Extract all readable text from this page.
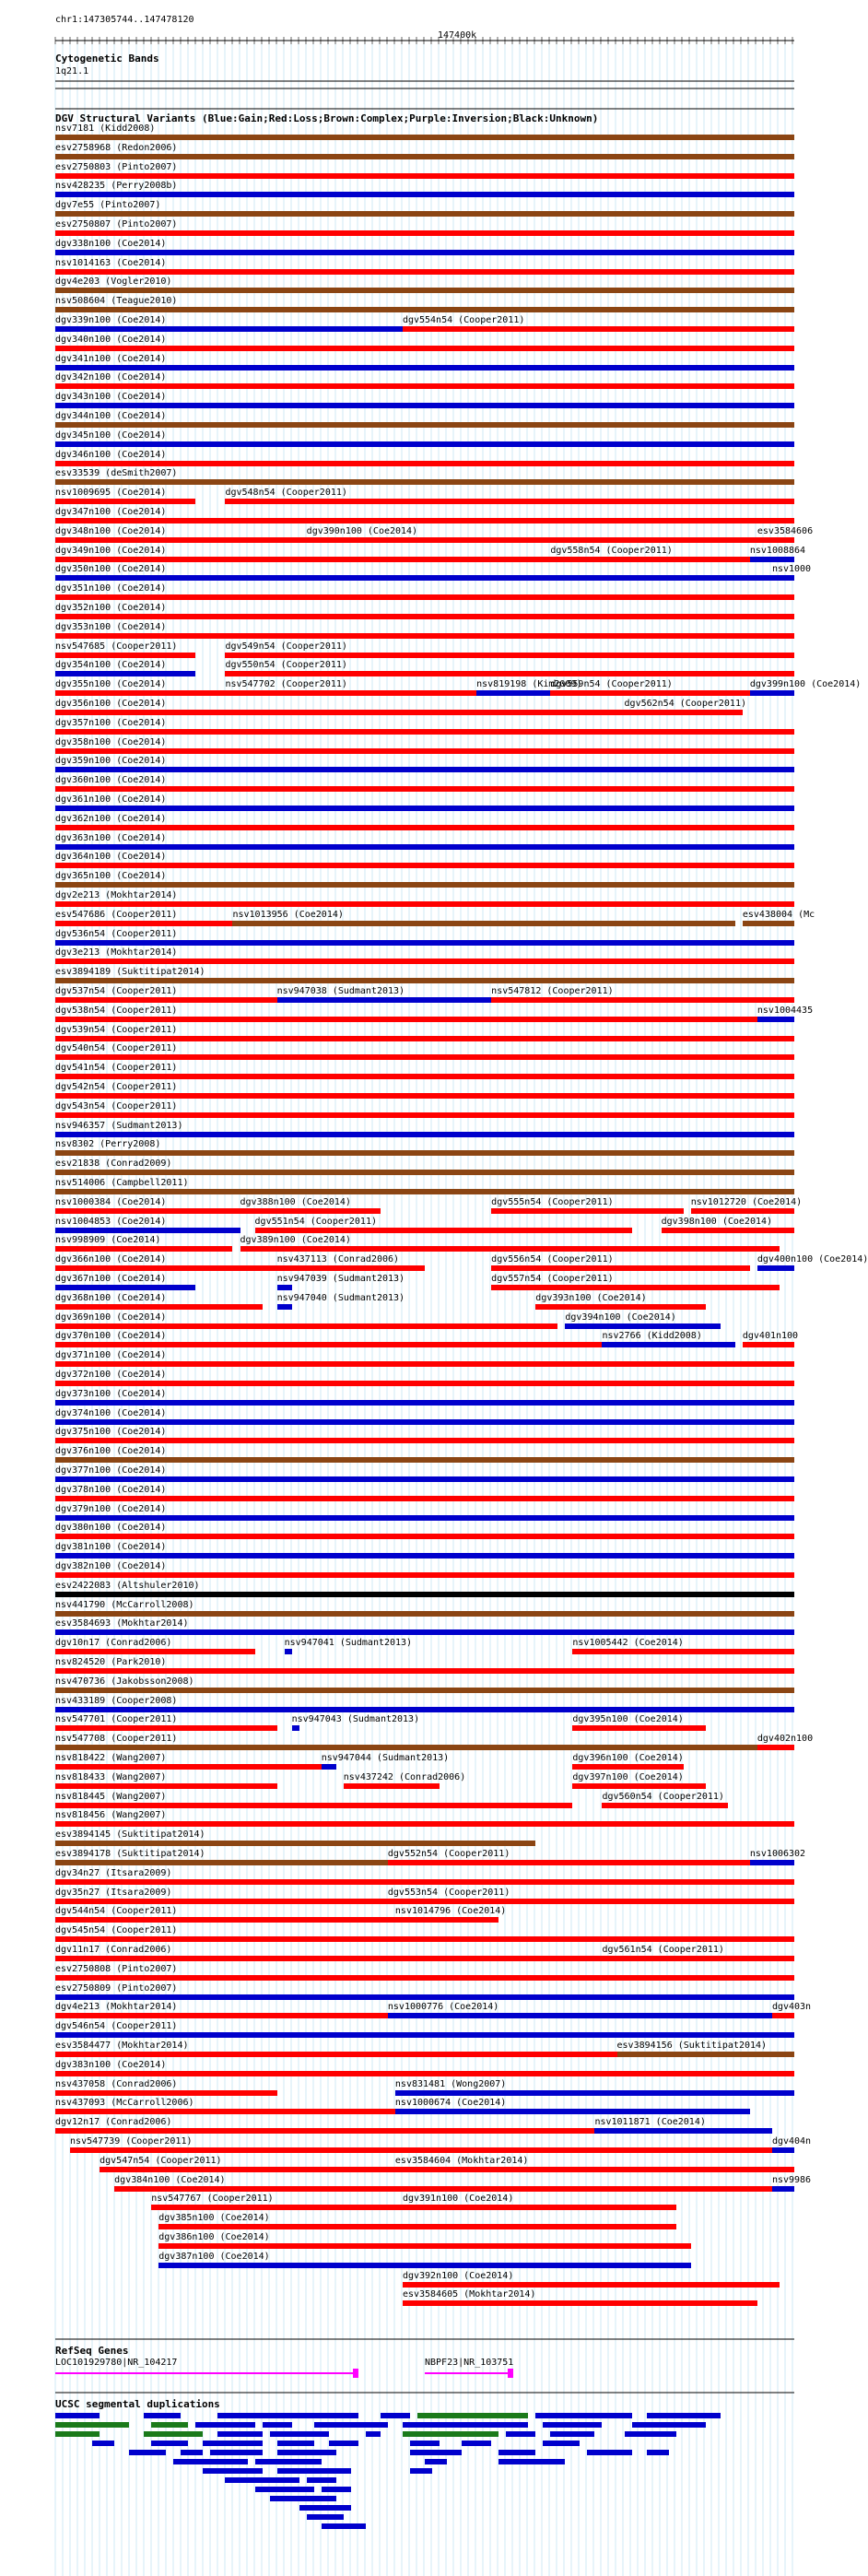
chr1:147305744..147478120
147400k
Cytogenetic Bands
1q21.1
DGV Structural Variants (Blue:Gain;Red:Loss;Brown:Complex;Purple:Inversion;Black:Unknown)
nsv7181 (Kidd2008)
esv2758968 (Redon2006)
esv2750803 (Pinto2007)
nsv428235 (Perry2008b)
dgv7e55 (Pinto2007)
esv2750807 (Pinto2007)
dgv338n100 (Coe2014)
nsv1014163 (Coe2014)
dgv4e203 (Vogler2010)
nsv508604 (Teague2010)
dgv339n100 (Coe2014)	dgv554n54 (Cooper2011)
dgv340n100 (Coe2014)
dgv341n100 (Coe2014)
dgv342n100 (Coe2014)
dgv343n100 (Coe2014)
dgv344n100 (Coe2014)
dgv345n100 (Coe2014)
dgv346n100 (Coe2014)
esv33539 (deSmith2007)
nsv1009695 (Coe2014)	dgv548n54 (Cooper2011)
dgv347n100 (Coe2014)
dgv348n100 (Coe2014)	dgv390n100 (Coe2014)	esv3584606
dgv349n100 (Coe2014)	dgv558n54 (Cooper2011)	nsv1008864
dgv350n100 (Coe2014)	nsv1000
dgv351n100 (Coe2014)
dgv352n100 (Coe2014)
dgv353n100 (Coe2014)
nsv547685 (Cooper2011)	dgv549n54 (Cooper2011)
dgv354n100 (Coe2014)	dgv550n54 (Cooper2011)
dgv355n100 (Coe2014)	nsv547702 (Cooper2011)	nsv819198 (Kim2009)
dgv559n54 (Cooper2011)	dgv399n100 (Coe2014)
dgv356n100 (Coe2014)	dgv562n54 (Cooper2011)
dgv357n100 (Coe2014)
dgv358n100 (Coe2014)
dgv359n100 (Coe2014)
dgv360n100 (Coe2014)
dgv361n100 (Coe2014)
dgv362n100 (Coe2014)
dgv363n100 (Coe2014)
dgv364n100 (Coe2014)
dgv365n100 (Coe2014)
dgv2e213 (Mokhtar2014)
esv547686 (Cooper2011)	nsv1013956 (Coe2014)	esv438004 (Mc
dgv536n54 (Cooper2011)
dgv3e213 (Mokhtar2014)
esv3894189 (Suktitipat2014)
dgv537n54 (Cooper2011)	nsv947038 (Sudmant2013)	nsv547812 (Cooper2011)
dgv538n54 (Cooper2011)	nsv1004435
dgv539n54 (Cooper2011)
dgv540n54 (Cooper2011)
dgv541n54 (Cooper2011)
dgv542n54 (Cooper2011)
dgv543n54 (Cooper2011)
nsv946357 (Sudmant2013)
nsv8302 (Perry2008)
esv21838 (Conrad2009)
nsv514006 (Campbell2011)
nsv1000384 (Coe2014)	dgv388n100 (Coe2014)	dgv555n54 (Cooper2011)	nsv1012720 (Coe2014)
nsv1004853 (Coe2014)	dgv551n54 (Cooper2011)	dgv398n100 (Coe2014)
nsv998909 (Coe2014)	dgv389n100 (Coe2014)
dgv366n100 (Coe2014)	nsv437113 (Conrad2006)	dgv556n54 (Cooper2011)	dgv400n100 (Coe2014)
dgv367n100 (Coe2014)	nsv947039 (Sudmant2013)	dgv557n54 (Cooper2011)
dgv368n100 (Coe2014)	nsv947040 (Sudmant2013)	dgv393n100 (Coe2014)
dgv369n100 (Coe2014)	dgv394n100 (Coe2014)
dgv370n100 (Coe2014)	nsv2766 (Kidd2008)	dgv401n100
dgv371n100 (Coe2014)
dgv372n100 (Coe2014)
dgv373n100 (Coe2014)
dgv374n100 (Coe2014)
dgv375n100 (Coe2014)
dgv376n100 (Coe2014)
dgv377n100 (Coe2014)
dgv378n100 (Coe2014)
dgv379n100 (Coe2014)
dgv380n100 (Coe2014)
dgv381n100 (Coe2014)
dgv382n100 (Coe2014)
esv2422083 (Altshuler2010)
nsv441790 (McCarroll2008)
esv3584693 (Mokhtar2014)
dgv10n17 (Conrad2006)	nsv947041 (Sudmant2013)	nsv1005442 (Coe2014)
nsv824520 (Park2010)
nsv470736 (Jakobsson2008)
nsv433189 (Cooper2008)
nsv547701 (Cooper2011)	nsv947043 (Sudmant2013)	dgv395n100 (Coe2014)
nsv547708 (Cooper2011)	dgv402n100
nsv818422 (Wang2007)	nsv947044 (Sudmant2013)	dgv396n100 (Coe2014)
nsv818433 (Wang2007)	nsv437242 (Conrad2006)	dgv397n100 (Coe2014)
nsv818445 (Wang2007)	dgv560n54 (Cooper2011)
nsv818456 (Wang2007)
esv3894145 (Suktitipat2014)
esv3894178 (Suktitipat2014)	dgv552n54 (Cooper2011)	nsv1006302
dgv34n27 (Itsara2009)
dgv35n27 (Itsara2009)	dgv553n54 (Cooper2011)
dgv544n54 (Cooper2011)	nsv1014796 (Coe2014)
dgv545n54 (Cooper2011)
dgv11n17 (Conrad2006)	dgv561n54 (Cooper2011)
esv2750808 (Pinto2007)
esv2750809 (Pinto2007)
dgv4e213 (Mokhtar2014)	nsv1000776 (Coe2014)	dgv403n
dgv546n54 (Cooper2011)
esv3584477 (Mokhtar2014)	esv3894156 (Suktitipat2014)
dgv383n100 (Coe2014)
nsv437058 (Conrad2006)	nsv831481 (Wong2007)
nsv437093 (McCarroll2006)	nsv1000674 (Coe2014)
dgv12n17 (Conrad2006)	nsv1011871 (Coe2014)
nsv547739 (Cooper2011)	dgv404n
dgv547n54 (Cooper2011)	esv3584604 (Mokhtar2014)
dgv384n100 (Coe2014)	nsv9986
nsv547767 (Cooper2011)	dgv391n100 (Coe2014)
dgv385n100 (Coe2014)
dgv386n100 (Coe2014)
dgv387n100 (Coe2014)
dgv392n100 (Coe2014)
esv3584605 (Mokhtar2014)
RefSeq Genes
LOC101929780|NR_104217	NBPF23|NR_103751
UCSC segmental duplications
